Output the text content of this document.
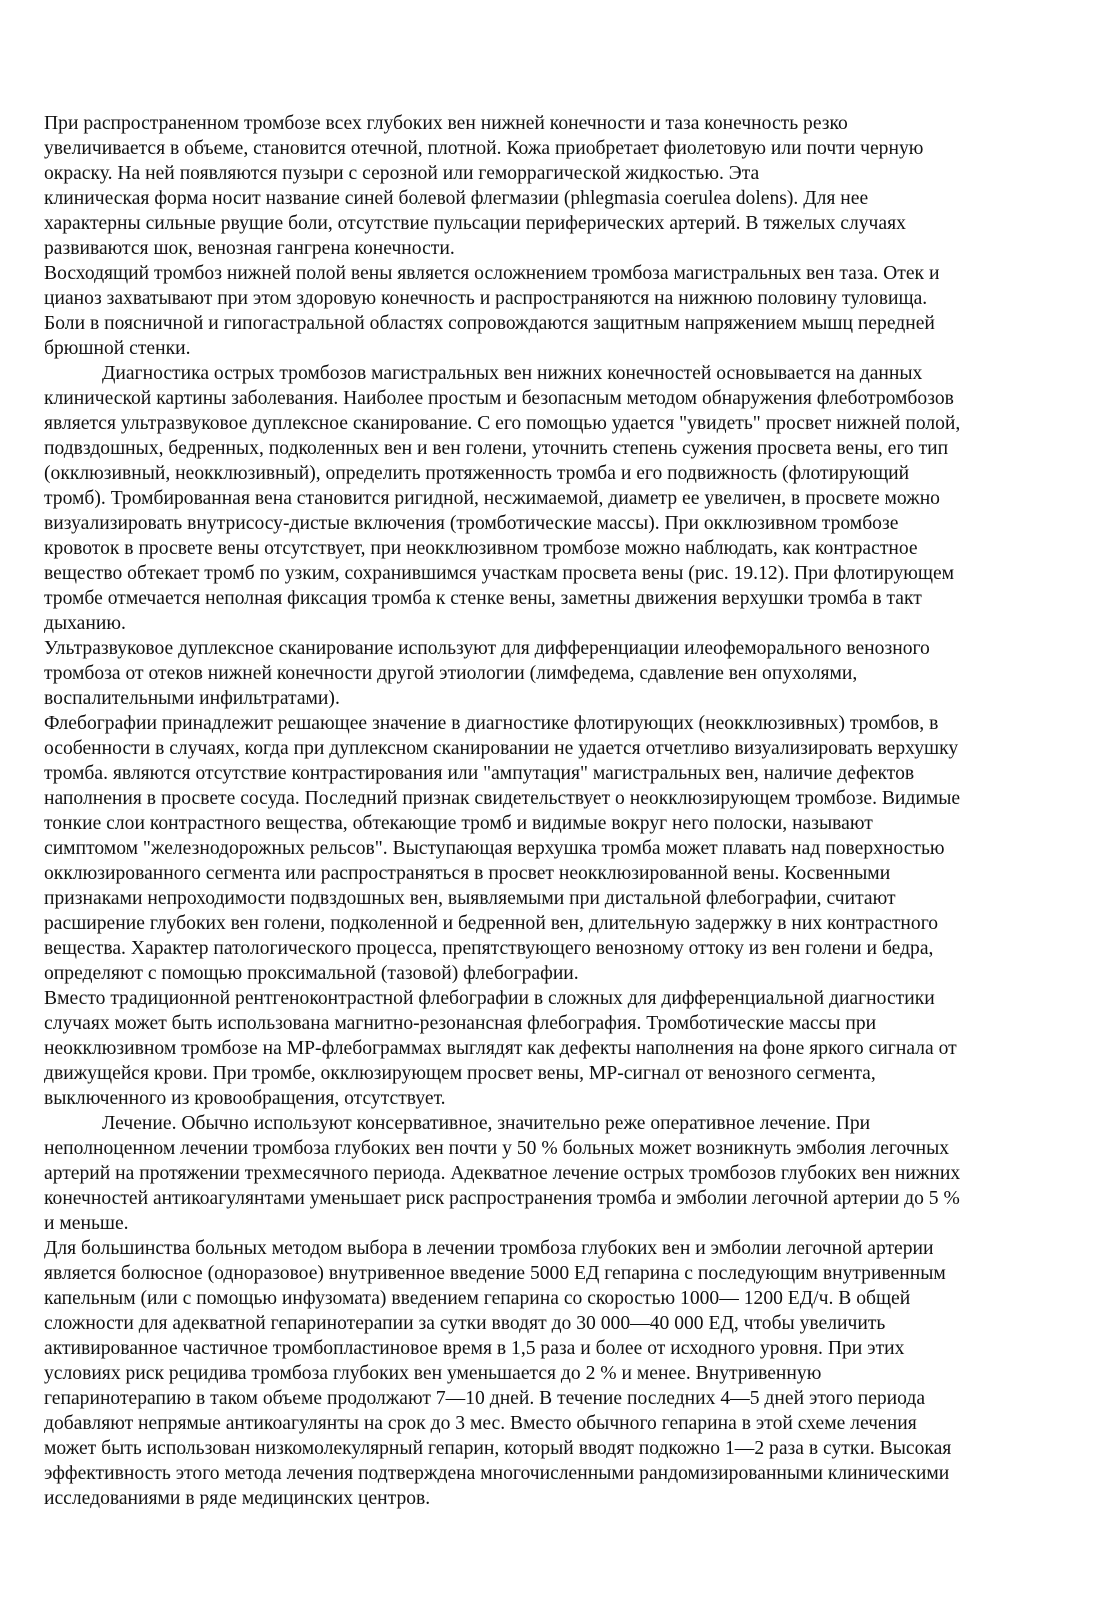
При распространенном тромбозе всех глубоких вен нижней конечности и таза конечность резко
увеличивается в объеме, становится отечной, плотной. Кожа приобретает фиолетовую или почти черную
окраску. На ней появляются пузыри с серозной или геморрагической жидкостью. Эта
клиническая форма носит название синей болевой флегмазии (phlegmasia coerulea dolens). Для нее
характерны сильные рвущие боли, отсутствие пульсации периферических артерий. В тяжелых случаях
развиваются шок, венозная гангрена конечности.
Восходящий тромбоз нижней полой вены является осложнением тромбоза магистральных вен таза. Отек и
цианоз захватывают при этом здоровую конечность и распространяются на нижнюю половину туловища.
Боли в поясничной и гипогастральной областях сопровождаются защитным напряжением мышц передней
брюшной стенки.
Диагностика острых тромбозов магистральных вен нижних конечностей основывается на данных
клинической картины заболевания. Наиболее простым и безопасным методом обнаружения флеботромбозов
является ультразвуковое дуплексное сканирование. С его помощью удается "увидеть" просвет нижней полой,
подвздошных, бедренных, подколенных вен и вен голени, уточнить степень сужения просвета вены, его тип
(окклюзивный, неокклюзивный), определить протяженность тромба и его подвижность (флотирующий
тромб). Тромбированная вена становится ригидной, несжимаемой, диаметр ее увеличен, в просвете можно
визуализировать внутрисосу-дистые включения (тромботические массы). При окклюзивном тромбозе
кровоток в просвете вены отсутствует, при неокклюзивном тромбозе можно наблюдать, как контрастное
вещество обтекает тромб по узким, сохранившимся участкам просвета вены (рис. 19.12). При флотирующем
тромбе отмечается неполная фиксация тромба к стенке вены, заметны движения верхушки тромба в такт
дыханию.
Ультразвуковое дуплексное сканирование используют для дифференциации илеофеморального венозного
тромбоза от отеков нижней конечности другой этиологии (лимфедема, сдавление вен опухолями,
воспалительными инфильтратами).
Флебографии принадлежит решающее значение в диагностике флотирующих (неокклюзивных) тромбов, в
особенности в случаях, когда при дуплексном сканировании не удается отчетливо визуализировать верхушку
тромба. являются отсутствие контрастирования или "ампутация" магистральных вен, наличие дефектов
наполнения в просвете сосуда. Последний признак свидетельствует о неокклюзирующем тромбозе. Видимые
тонкие слои контрастного вещества, обтекающие тромб и видимые вокруг него полоски, называют
симптомом "железнодорожных рельсов". Выступающая верхушка тромба может плавать над поверхностью
окклюзированного сегмента или распространяться в просвет неокклюзированной вены. Косвенными
признаками непроходимости подвздошных вен, выявляемыми при дистальной флебографии, считают
расширение глубоких вен голени, подколенной и бедренной вен, длительную задержку в них контрастного
вещества. Характер патологического процесса, препятствующего венозному оттоку из вен голени и бедра,
определяют с помощью проксимальной (тазовой) флебографии.
Вместо традиционной рентгеноконтрастной флебографии в сложных для дифференциальной диагностики
случаях может быть использована магнитно-резонансная флебография. Тромботические массы при
неокклюзивном тромбозе на МР-флебограммах выглядят как дефекты наполнения на фоне яркого сигнала от
движущейся крови. При тромбе, окклюзирующем просвет вены, МР-сигнал от венозного сегмента,
выключенного из кровообращения, отсутствует.
Лечение. Обычно используют консервативное, значительно реже оперативное лечение. При
неполноценном лечении тромбоза глубоких вен почти у 50 % больных может возникнуть эмболия легочных
артерий на протяжении трехмесячного периода. Адекватное лечение острых тромбозов глубоких вен нижних
конечностей антикоагулянтами уменьшает риск распространения тромба и эмболии легочной артерии до 5 %
и меньше.
Для большинства больных методом выбора в лечении тромбоза глубоких вен и эмболии легочной артерии
является болюсное (одноразовое) внутривенное введение 5000 ЕД гепарина с последующим внутривенным
капельным (или с помощью инфузомата) введением гепарина со скоростью 1000— 1200 ЕД/ч. В общей
сложности для адекватной гепаринотерапии за сутки вводят до 30 000—40 000 ЕД, чтобы увеличить
активированное частичное тромбопластиновое время в 1,5 раза и более от исходного уровня. При этих
условиях риск рецидива тромбоза глубоких вен уменьшается до 2 % и менее. Внутривенную
гепаринотерапию в таком объеме продолжают 7—10 дней. В течение последних 4—5 дней этого периода
добавляют непрямые антикоагулянты на срок до 3 мес. Вместо обычного гепарина в этой схеме лечения
может быть использован низкомолекулярный гепарин, который вводят подкожно 1—2 раза в сутки. Высокая
эффективность этого метода лечения подтверждена многочисленными рандомизированными клиническими
исследованиями в ряде медицинских центров.
